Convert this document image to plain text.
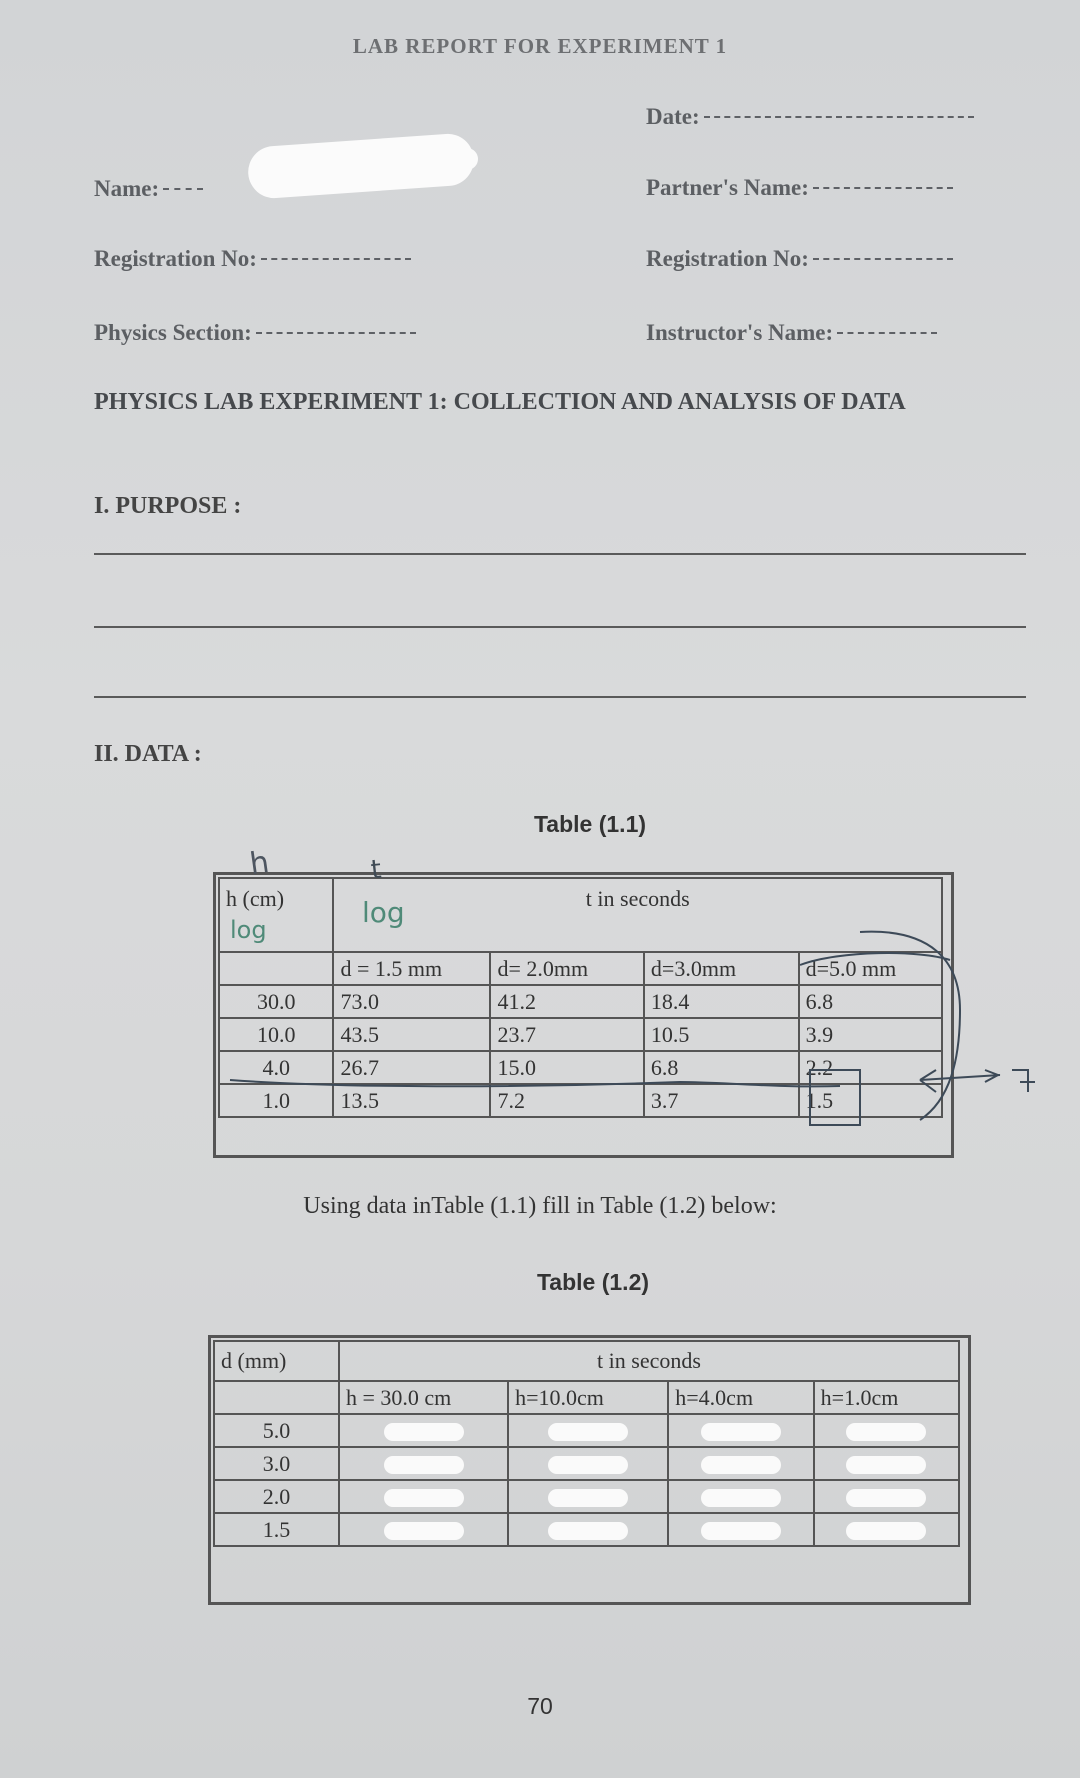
LAB REPORT FOR EXPERIMENT 1
Date:
Name:	Partner's Name:
Registration No:	Registration No:
Physics Section:	Instructor's Name:
PHYSICS LAB EXPERIMENT 1: COLLECTION AND ANALYSIS OF DATA
I. PURPOSE :
II. DATA :
Table (1.1)
h (cm)	t in seconds			
	d = 1.5 mm	d= 2.0mm	d=3.0mm	d=5.0 mm
30.0	73.0	41.2	18.4	6.8
10.0	43.5	23.7	10.5	3.9
4.0	26.7	15.0	6.8	2.2
1.0	13.5	7.2	3.7	1.5
h
log
t
log
Using data inTable (1.1) fill in Table (1.2) below:
Table (1.2)
d (mm)	t in seconds			
	h = 30.0 cm	h=10.0cm	h=4.0cm	h=1.0cm
5.0				
3.0				
2.0				
1.5				
70
